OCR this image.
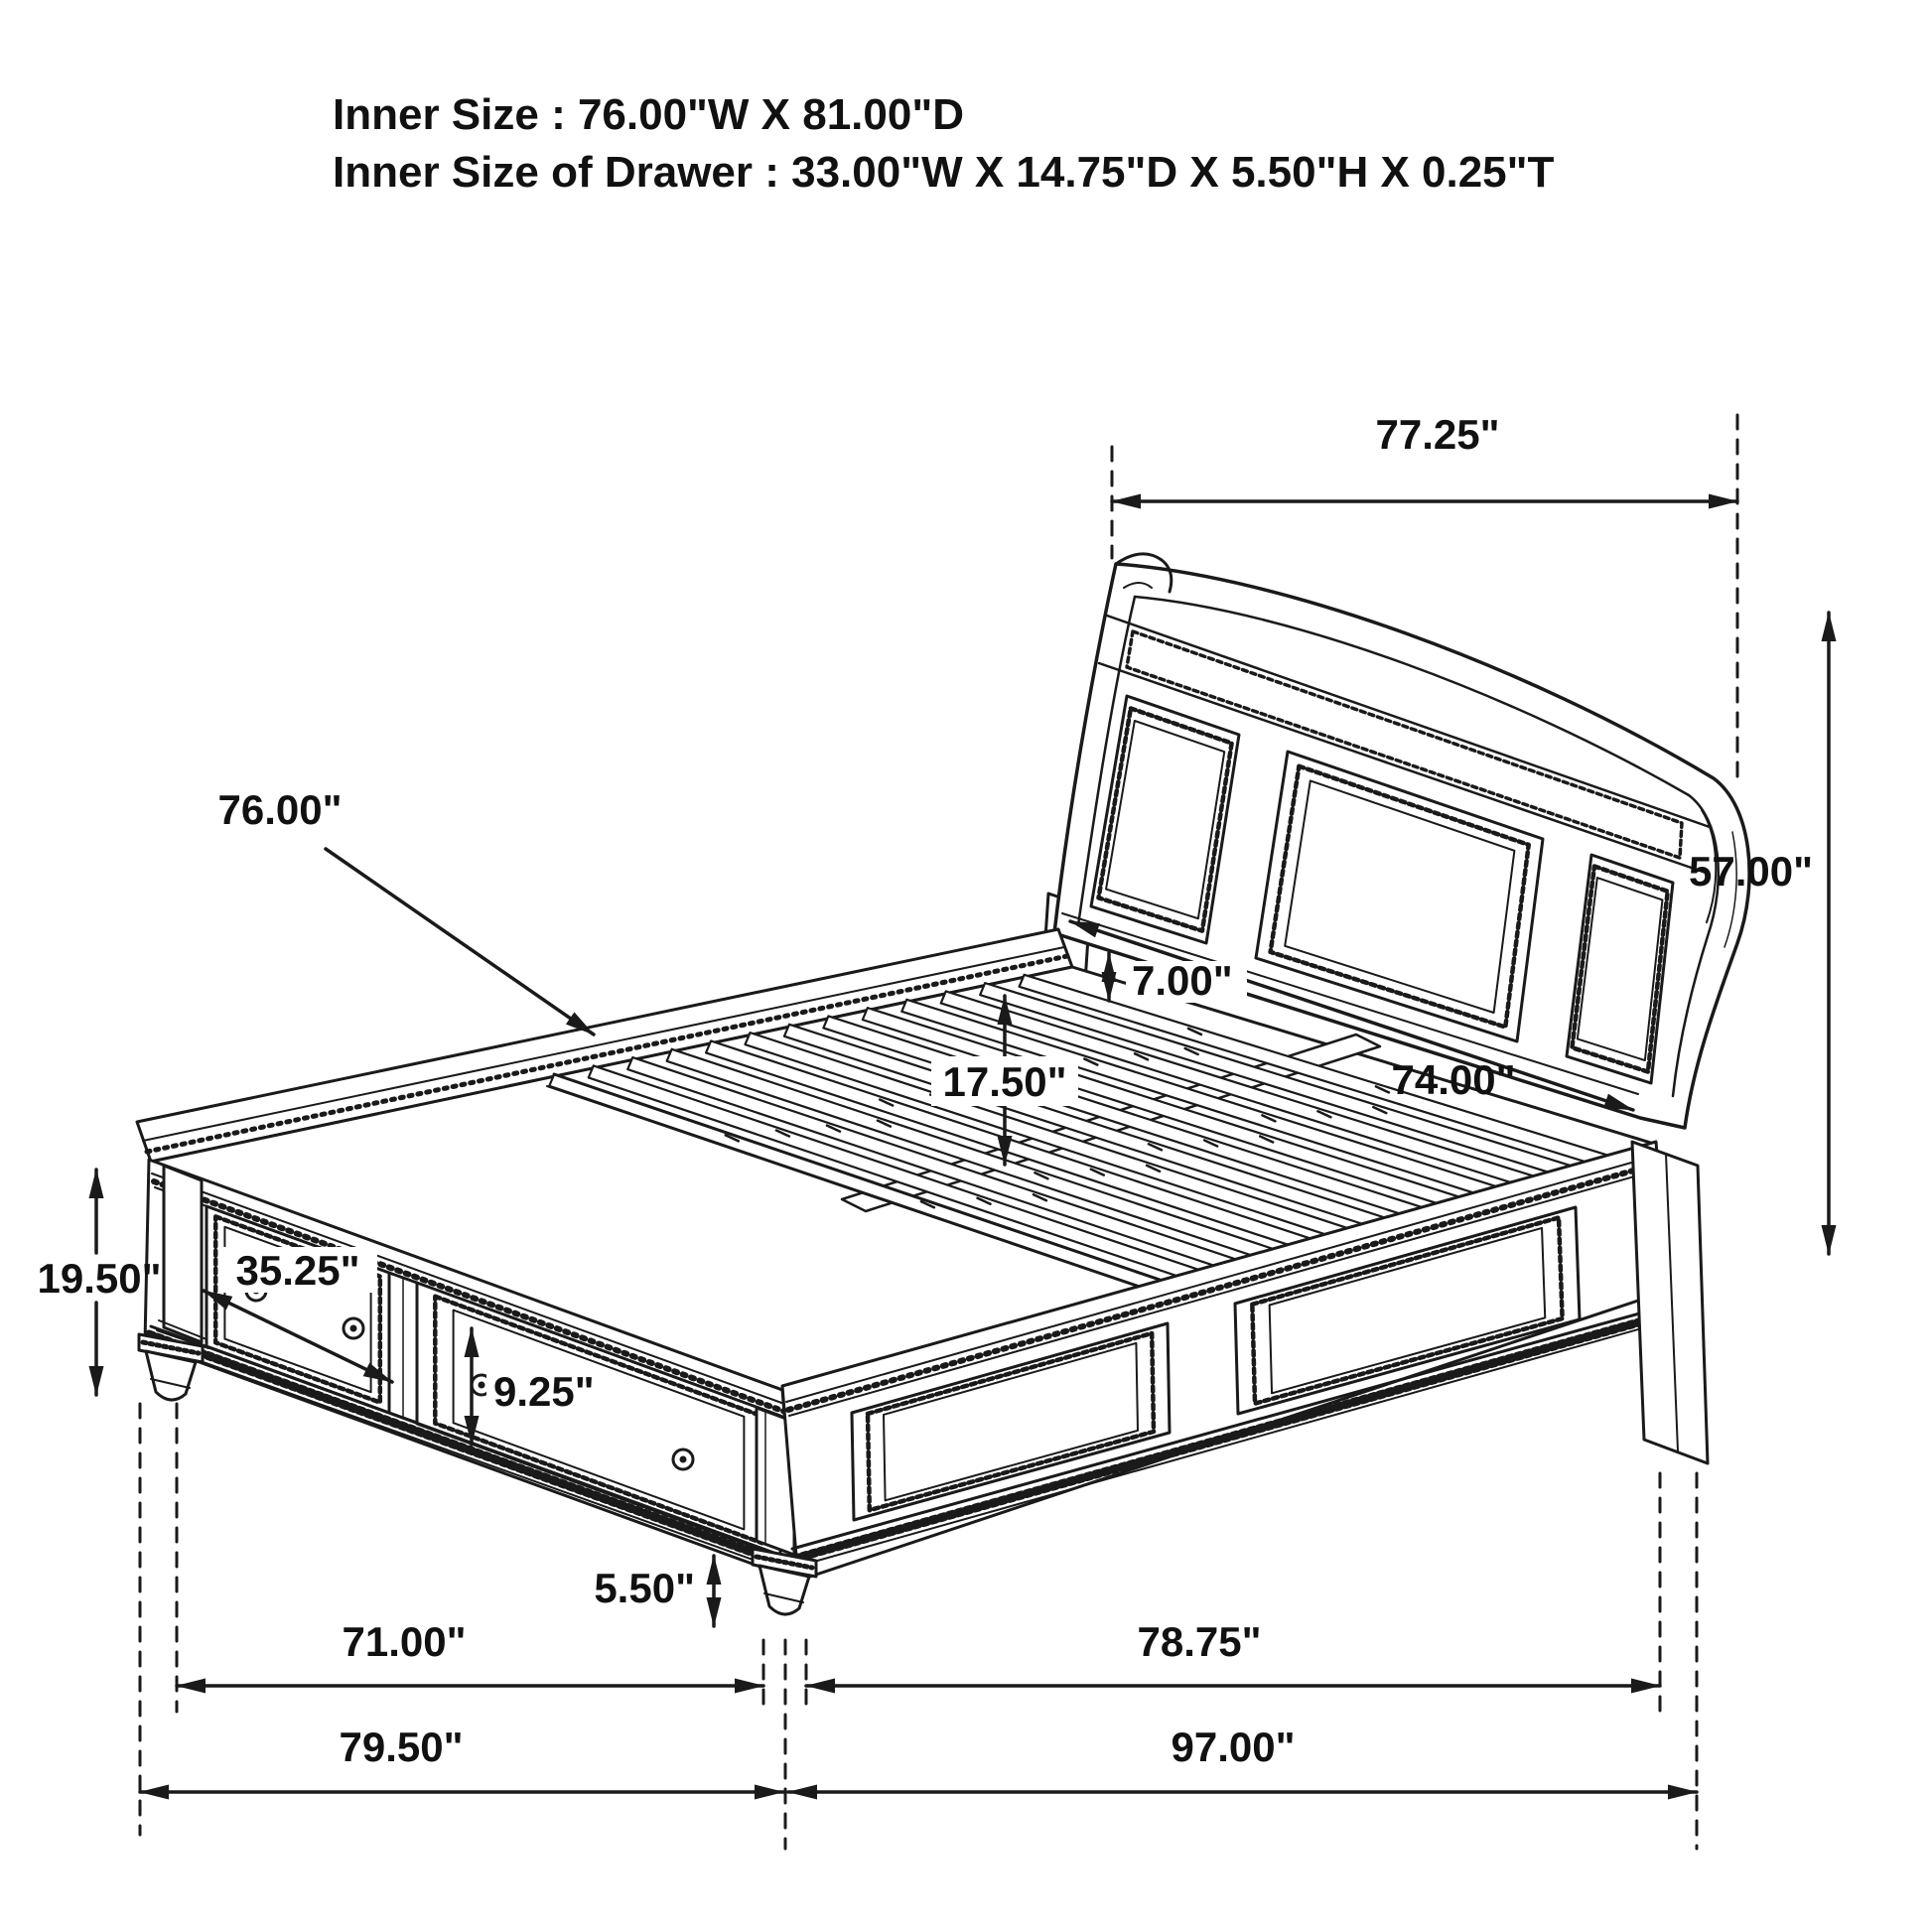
Inner Size : 76.00"W X 81.00"D
Inner Size of Drawer : 33.00"W X 14.75"D X 5.50"H X 0.25"T
77.25"
57.00"
76.00"
74.00"
7.00"
17.50"
19.50" 35.25"
9.25"
5.50"
71.00"	78.75"
79.50"	97.00"
